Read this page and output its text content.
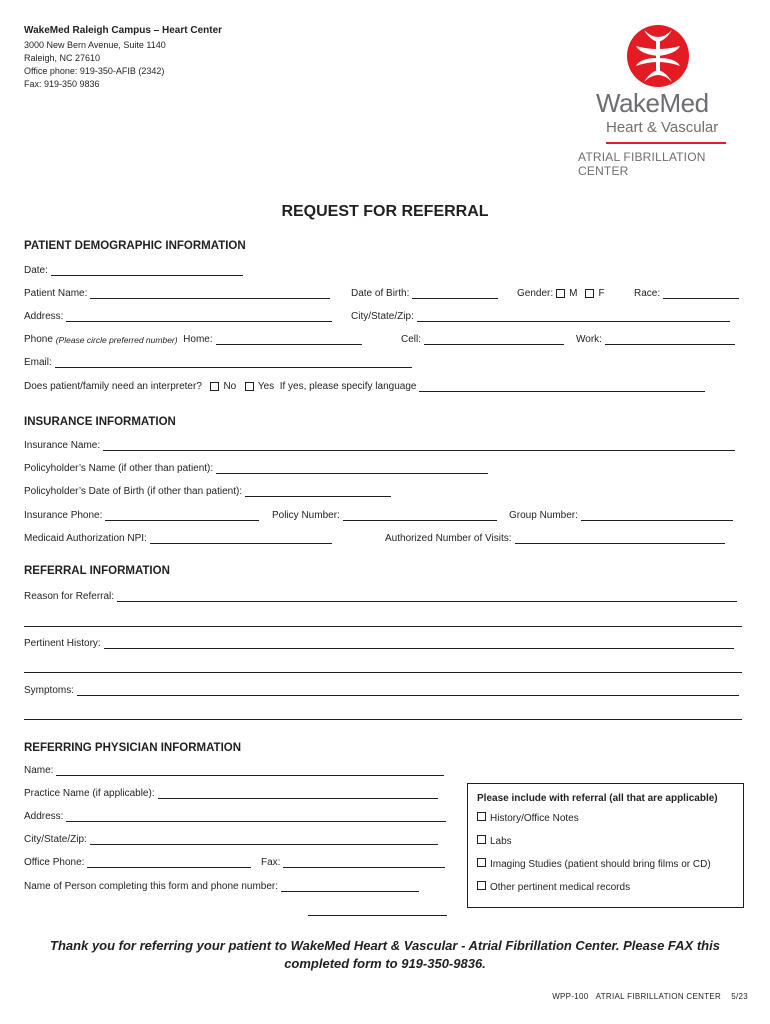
WakeMed Raleigh Campus – Heart Center
3000 New Bern Avenue, Suite 1140
Raleigh, NC 27610
Office phone: 919-350-AFIB (2342)
Fax: 919-350 9836
WakeMed
Heart & Vascular
ATRIAL FIBRILLATION CENTER
REQUEST FOR REFERRAL
PATIENT DEMOGRAPHIC INFORMATION
Date:
Patient Name:	Date of Birth:	Gender: M F	Race:
Address:	City/State/Zip:
Phone
(Please circle preferred number)
Home:	Cell:	Work:
Email:
Does patient/family need an interpreter?
No
Yes
If yes, please specify language
INSURANCE INFORMATION
Insurance Name:
Policyholder’s Name (if other than patient):
Policyholder’s Date of Birth (if other than patient):
Insurance Phone:	Policy Number:	Group Number:
Medicaid Authorization NPI:	Authorized Number of Visits:
REFERRAL INFORMATION
Reason for Referral:
Pertinent History:
Symptoms:
REFERRING PHYSICIAN INFORMATION
Name:
Practice Name (if applicable):
Address:
City/State/Zip:
Office Phone:	Fax:
Name of Person completing this form and phone number:
Please include with referral (all that are applicable)
History/Office Notes
Labs
Imaging Studies (patient should bring films or CD)
Other pertinent medical records
Thank you for referring your patient to WakeMed Heart & Vascular - Atrial Fibrillation Center. Please FAX this completed form to 919-350-9836.
WPP-100 ATRIAL FIBRILLATION CENTER 5/23
